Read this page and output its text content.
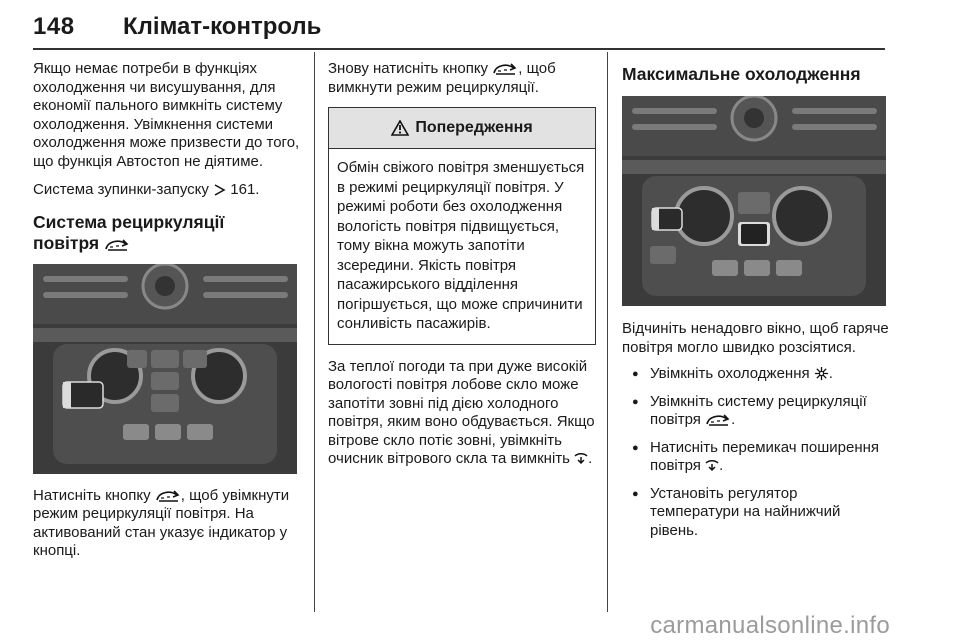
148 Клімат-контроль

Якщо немає потреби в функціях охолодження чи висушування, для економії пального вимкніть систему охолодження. Увімкнення системи охолодження може призвести до того, що функція Автостоп не діятиме.

Система зупинки-запуску 161.

Система рециркуляції
повітря

Натисніть кнопку , щоб увімкнути режим рециркуляції повітря. На активований стан указує індикатор у кнопці.

Знову натисніть кнопку , щоб вимкнути режим рециркуляції.

Попередження

Обмін свіжого повітря зменшується в режимі рециркуляції повітря. У режимі роботи без охолодження вологість повітря підвищується, тому вікна можуть запотіти зсередини. Якість повітря пасажирського відділення погіршується, що може спричинити сонливість пасажирів.

За теплої погоди та при дуже високій вологості повітря лобове скло може запотіти зовні під дією холодного повітря, яким воно обдувається. Якщо вітрове скло потіє зовні, увімкніть очисник вітрового скла та вимкніть .

Максимальне охолодження

Відчиніть ненадовго вікно, щоб гаряче повітря могло швидко розсіятися.

● Увімкніть охолодження .
● Увімкніть систему рециркуляції повітря .
● Натисніть перемикач поширення повітря .
● Установіть регулятор температури на найнижчий рівень.
carmanualsonline.info
